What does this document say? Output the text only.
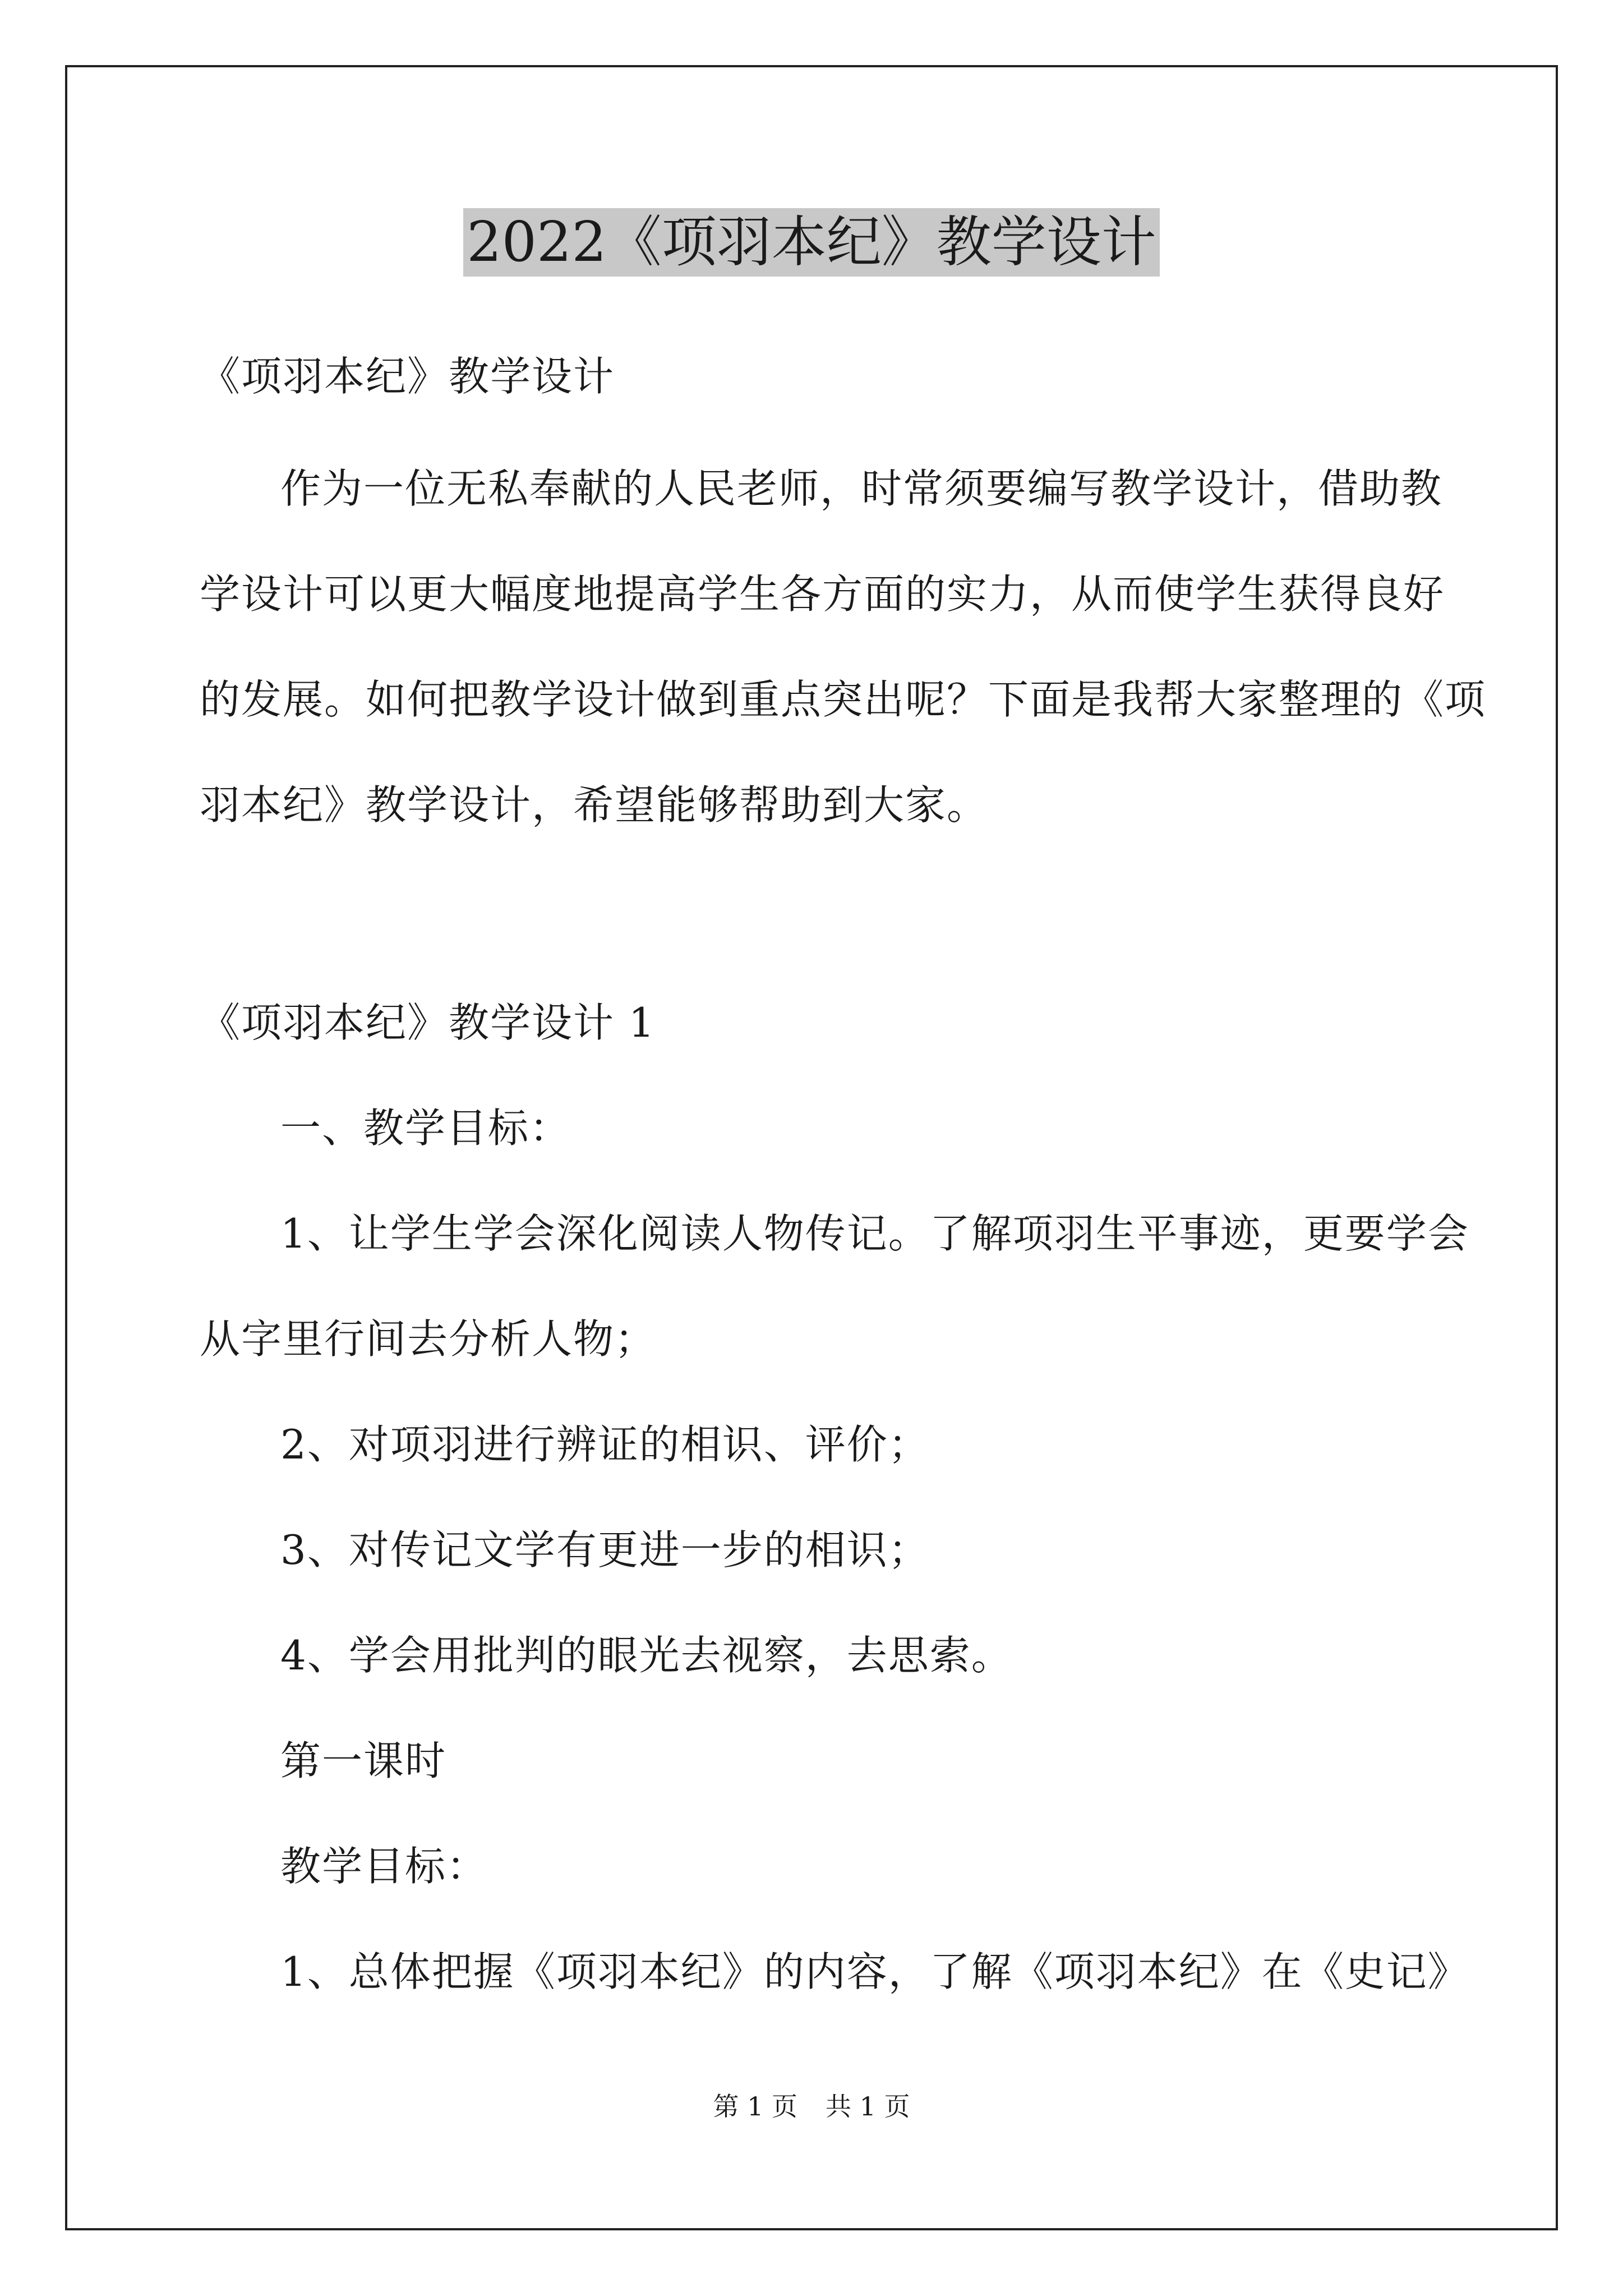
2022《项羽本纪》教学设计
《项羽本纪》教学设计
作为一位无私奉献的人民老师，时常须要编写教学设计，借助教
学设计可以更大幅度地提高学生各方面的实力，从而使学生获得良好
的发展。如何把教学设计做到重点突出呢？下面是我帮大家整理的《项
羽本纪》教学设计，希望能够帮助到大家。
《项羽本纪》教学设计 1
一、教学目标：
1、让学生学会深化阅读人物传记。了解项羽生平事迹，更要学会
从字里行间去分析人物；
2、对项羽进行辨证的相识、评价；
3、对传记文学有更进一步的相识；
4、学会用批判的眼光去视察，去思索。
第一课时
教学目标：
1、总体把握《项羽本纪》的内容，了解《项羽本纪》在《史记》
第 1 页 共 1 页
